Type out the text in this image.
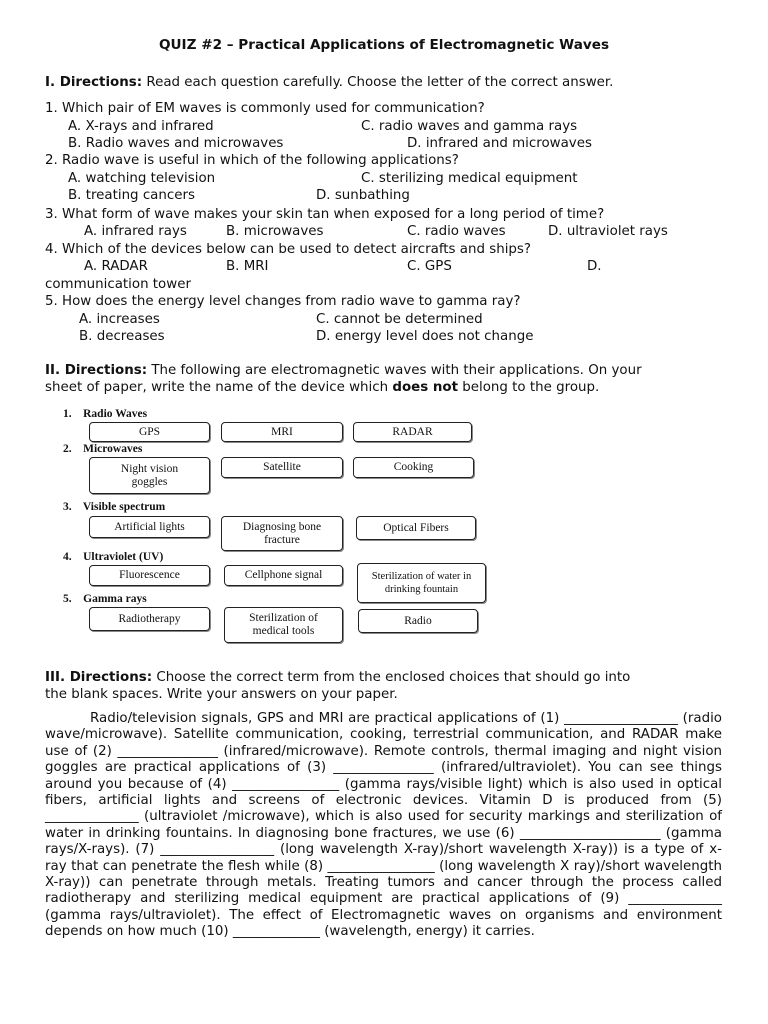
QUIZ #2 – Practical Applications of Electromagnetic Waves
I. Directions: Read each question carefully. Choose the letter of the correct answer.
1. Which pair of EM waves is commonly used for communication?
A. X-rays and infrared	C. radio waves and gamma rays
B. Radio waves and microwaves	D. infrared and microwaves
2. Radio wave is useful in which of the following applications?
A. watching television	C. sterilizing medical equipment
B. treating cancers	D. sunbathing
3. What form of wave makes your skin tan when exposed for a long period of time?
A. infrared rays	B. microwaves	C. radio waves	D. ultraviolet rays
4. Which of the devices below can be used to detect aircrafts and ships?
A. RADAR	B. MRI	C. GPS	D.
communication tower
5. How does the energy level changes from radio wave to gamma ray?
A. increases	C. cannot be determined
B. decreases	D. energy level does not change
II. Directions: The following are electromagnetic waves with their applications. On your
sheet of paper, write the name of the device which does not belong to the group.
1. Radio Waves
GPS	MRI	RADAR
2. Microwaves
Night vision goggles
Satellite	Cooking
3. Visible spectrum
Artificial lights	Diagnosing bone fracture
Optical Fibers
4. Ultraviolet (UV)
Fluorescence	Cellphone signal	Sterilization of water in drinking fountain
5. Gamma rays
Radiotherapy	Sterilization of medical tools
Radio
III. Directions: Choose the correct term from the enclosed choices that should go into
the blank spaces. Write your answers on your paper.
Radio/television signals, GPS and MRI are practical applications of (1) _________________ (radio wave/microwave). Satellite communication, cooking, terrestrial communication, and RADAR make use of (2) _______________ (infrared/microwave). Remote controls, thermal imaging and night vision goggles are practical applications of (3) _______________ (infrared/ultraviolet). You can see things around you because of (4) ________________ (gamma rays/visible light) which is also used in optical fibers, artificial lights and screens of electronic devices. Vitamin D is produced from (5) ______________ (ultraviolet /microwave), which is also used for security markings and sterilization of water in drinking fountains. In diagnosing bone fractures, we use (6) _____________________ (gamma rays/X-rays). (7) _________________ (long wavelength X-ray)/short wavelength X-ray)) is a type of x-ray that can penetrate the flesh while (8) ________________ (long wavelength X ray)/short wavelength X-ray)) can penetrate through metals. Treating tumors and cancer through the process called radiotherapy and sterilizing medical equipment are practical applications of (9) ______________ (gamma rays/ultraviolet). The effect of Electromagnetic waves on organisms and environment depends on how much (10) _____________ (wavelength, energy) it carries.
